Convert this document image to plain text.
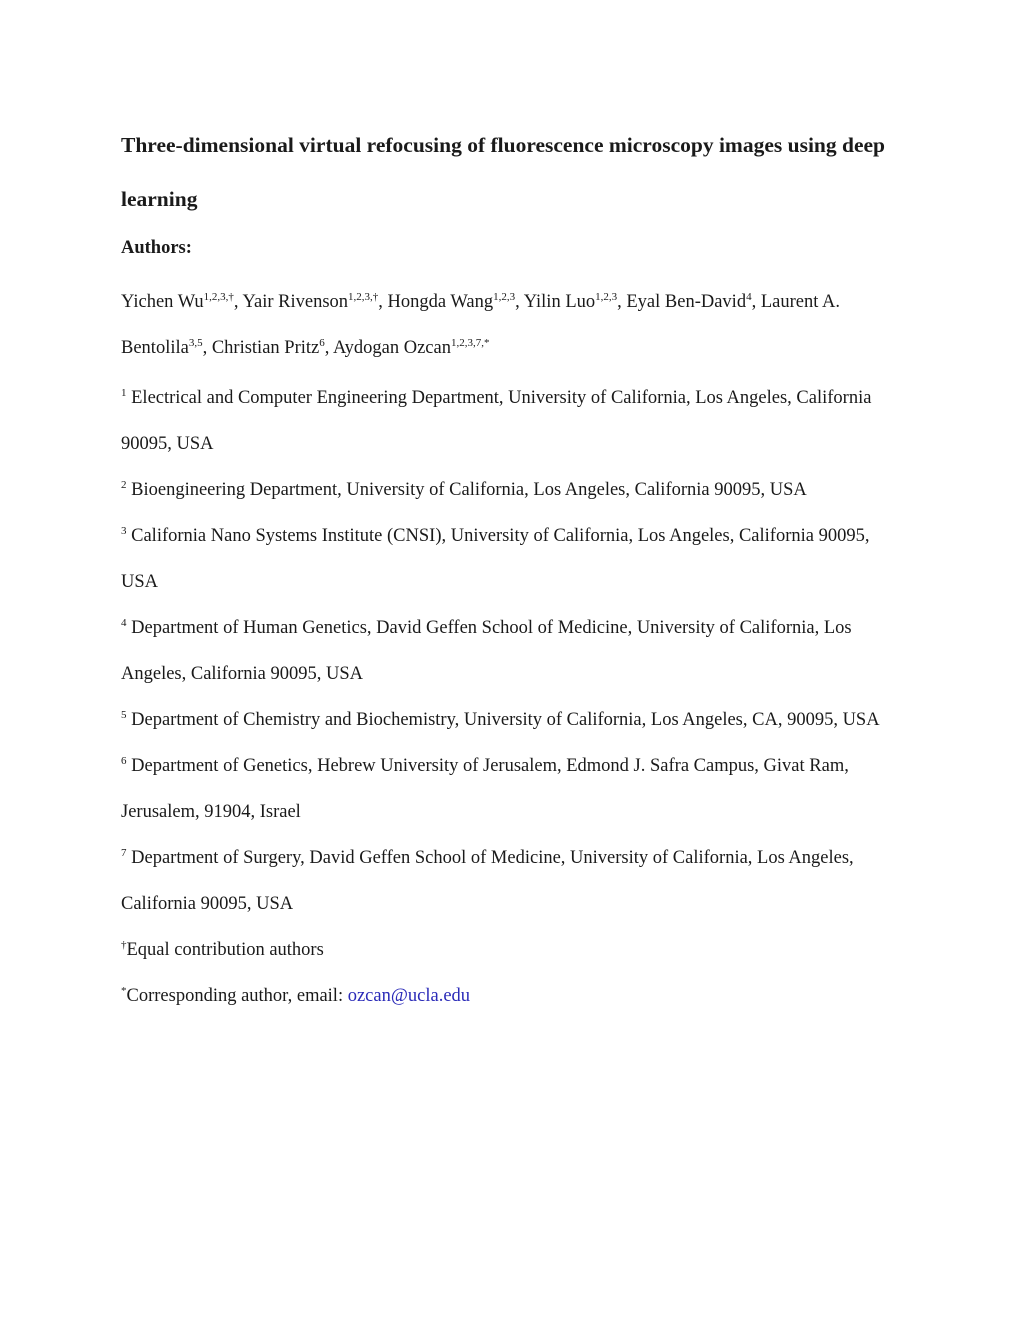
Three-dimensional virtual refocusing of fluorescence microscopy images using deep learning
Authors:

Yichen $Wu^{1,2,3,\dagger}$, Yair Rivenson$^{1,2,3,\dagger}$, Hongda Wang$^{1,2,3}$, Yilin Luo$^{1,2,3}$, Eyal Ben-David$^4$, Laurent A. Bentolila$^{3,5}$, Christian Pritz$^6$, Aydogan Ozcan$^{1,2,3,7,*}$

$^1$ Electrical and Computer Engineering Department, University of California, Los Angeles, California 90095, USA

$^2$ Bioengineering Department, University of California, Los Angeles, California 90095, USA

$^3$ California Nano Systems Institute (CNSI), University of California, Los Angeles, California 90095, USA

$^4$ Department of Human Genetics, David Geffen School of Medicine, University of California, Los Angeles, California 90095, USA

$^5$ Department of Chemistry and Biochemistry, University of California, Los Angeles, CA, 90095, USA

$^6$ Department of Genetics, Hebrew University of Jerusalem, Edmond J. Safra Campus, Givat Ram, Jerusalem, 91904, Israel

$^7$ Department of Surgery, David Geffen School of Medicine, University of California, Los Angeles, California 90095, USA

†Equal contribution authors

*Corresponding author, email: ozcan@ucla.edu
